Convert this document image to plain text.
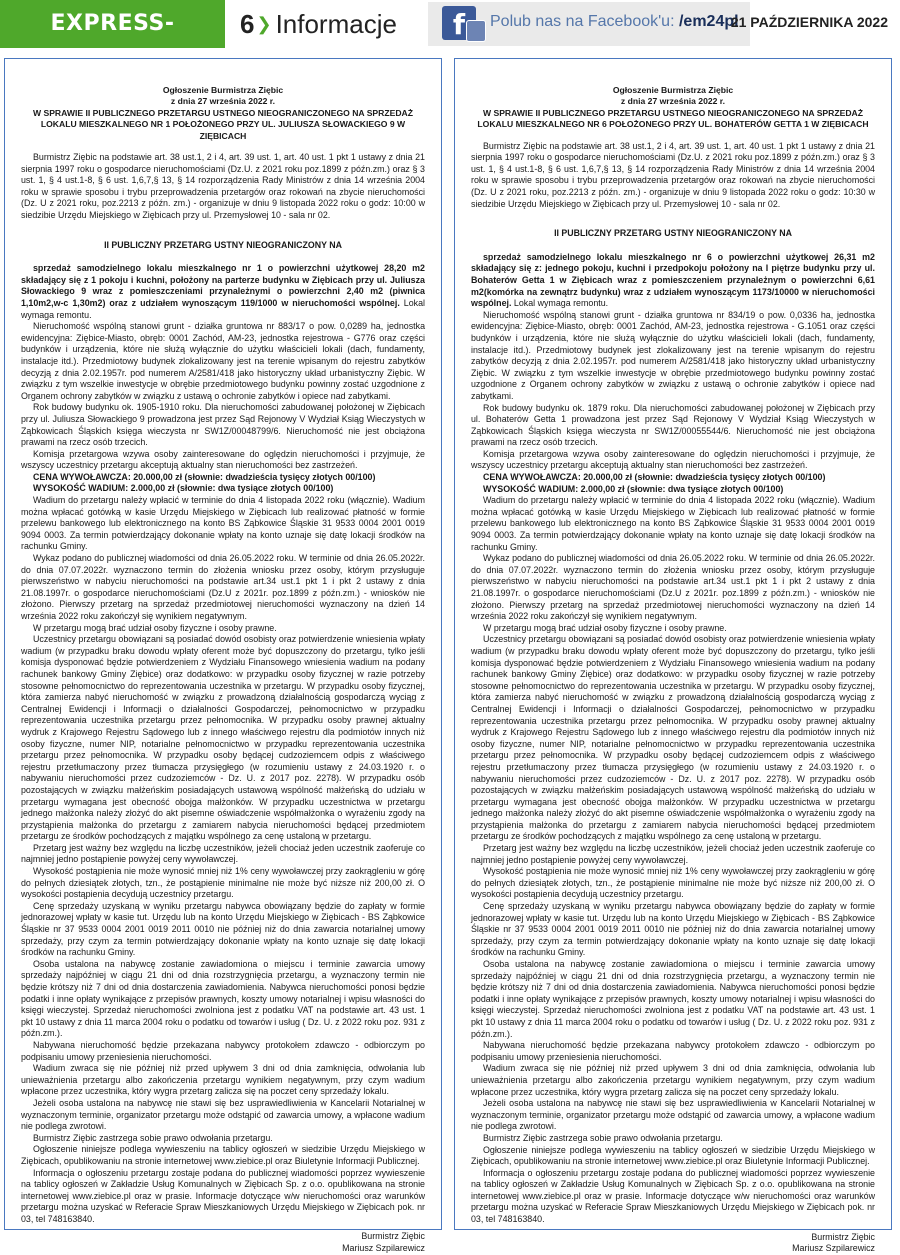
EXPRESS-MIEJSKI.PL
6 ❯ Informacje	f	Polub nas na Facebook'u: /em24pl
21 PAŹDZIERNIKA 2022
Ogłoszenie Burmistrza Ziębic
z dnia 27 września 2022 r.
W SPRAWIE II PUBLICZNEGO PRZETARGU USTNEGO NIEOGRANICZONEGO NA SPRZEDAŻ
LOKALU MIESZKALNEGO NR 1 POŁOŻONEGO PRZY UL. JULIUSZA SŁOWACKIEGO 9 W ZIĘBICACH

Burmistrz Ziębic na podstawie art. 38 ust.1, 2 i 4, art. 39 ust. 1, art. 40 ust. 1 pkt 1 ustawy z dnia 21 sierpnia 1997 roku o gospodarce nieruchomościami (Dz.U. z 2021 roku poz.1899 z późn.zm.) oraz § 3 ust. 1, § 4 ust.1-8, § 6 ust. 1,6,7,§ 13, § 14 rozporządzenia Rady Ministrów z dnia 14 września 2004 roku w sprawie sposobu i trybu przeprowadzenia przetargów oraz rokowań na zbycie nieruchomości (Dz. U z 2021 roku, poz.2213 z późn. zm.) - organizuje w dniu 9 listopada 2022 roku o godz: 10:00 w siedzibie Urzędu Miejskiego w Ziębicach przy ul. Przemysłowej 10 - sala nr 02.

II PUBLICZNY PRZETARG USTNY NIEOGRANICZONY NA

sprzedaż samodzielnego lokalu mieszkalnego nr 1 o powierzchni użytkowej 28,20 m2 składający się z 1 pokoju i kuchni, położony na parterze budynku w Ziębicach przy ul. Juliusza Słowackiego 9 wraz z pomieszczeniami przynależnymi o powierzchni 2,40 m2 (piwnica 1,10m2,w-c 1,30m2) oraz z udziałem wynoszącym 119/1000 w nieruchomości wspólnej. Lokal wymaga remontu.

Nieruchomość wspólną stanowi grunt - działka gruntowa nr 883/17 o pow. 0,0289 ha, jednostka ewidencyjna: Ziębice-Miasto, obręb: 0001 Zachód, AM-23, jednostka rejestrowa - G776 oraz części budynków i urządzenia, które nie służą wyłącznie do użytku właścicieli lokali (dach, fundamenty, instalacje itd.). Przedmiotowy budynek zlokalizowany jest na terenie wpisanym do rejestru zabytków decyzją z dnia 2.02.1957r. pod numerem A/2581/418 jako historyczny układ urbanistyczny Ziębic. W związku z tym wszelkie inwestycje w obrębie przedmiotowego budynku powinny zostać uzgodnione z Organem ochrony zabytków w związku z ustawą o ochronie zabytków i opiece nad zabytkami.

Rok budowy budynku ok. 1905-1910 roku. Dla nieruchomości zabudowanej położonej w Ziębicach przy ul. Juliusza Słowackiego 9 prowadzona jest przez Sąd Rejonowy V Wydział Ksiąg Wieczystych w Ząbkowicach Śląskich księga wieczysta nr SW1Z/00048799/6. Nieruchomość nie jest obciążona prawami na rzecz osób trzecich.

Komisja przetargowa wzywa osoby zainteresowane do oględzin nieruchomości i przyjmuje, że wszyscy uczestnicy przetargu akceptują aktualny stan nieruchomości bez zastrzeżeń.

CENA WYWOŁAWCZA: 20.000,00 zł (słownie: dwadzieścia tysięcy złotych 00/100)

WYSOKOŚĆ WADIUM: 2.000,00 zł (słownie: dwa tysiące złotych 00/100)

Wadium do przetargu należy wpłacić w terminie do dnia 4 listopada 2022 roku (włącznie). Wadium można wpłacać gotówką w kasie Urzędu Miejskiego w Ziębicach lub realizować płatność w formie przelewu bankowego lub elektronicznego na konto BS Ząbkowice Śląskie 31 9533 0004 2001 0019 9094 0003. Za termin potwierdzający dokonanie wpłaty na konto uznaje się datę lokacji środków na rachunku Gminy.

Wykaz podano do publicznej wiadomości od dnia 26.05.2022 roku. W terminie od dnia 26.05.2022r. do dnia 07.07.2022r. wyznaczono termin do złożenia wniosku przez osoby, którym przysługuje pierwszeństwo w nabyciu nieruchomości na podstawie art.34 ust.1 pkt 1 i pkt 2 ustawy z dnia 21.08.1997r. o gospodarce nieruchomościami (Dz.U z 2021r. poz.1899 z późn.zm.) - wniosków nie złożono. Pierwszy przetarg na sprzedaż przedmiotowej nieruchomości wyznaczony na dzień 14 września 2022 roku zakończył się wynikiem negatywnym.

W przetargu mogą brać udział osoby fizyczne i osoby prawne.

Uczestnicy przetargu obowiązani są posiadać dowód osobisty oraz potwierdzenie wniesienia wpłaty wadium (w przypadku braku dowodu wpłaty oferent może być dopuszczony do przetargu, tylko jeśli komisja dysponować będzie potwierdzeniem z Wydziału Finansowego wniesienia wadium na podany rachunek bankowy Gminy Ziębice) oraz dodatkowo: w przypadku osoby fizycznej w razie potrzeby stosowne pełnomocnictwo do reprezentowania uczestnika w przetargu. W przypadku osoby fizycznej, która zamierza nabyć nieruchomość w związku z prowadzoną działalnością gospodarczą wyciąg z Centralnej Ewidencji i Informacji o działalności Gospodarczej, pełnomocnictwo w przypadku reprezentowania uczestnika przetargu przez pełnomocnika. W przypadku osoby prawnej aktualny wydruk z Krajowego Rejestru Sądowego lub z innego właściwego rejestru dla podmiotów innych niż osoby fizyczne, numer NIP, notarialne pełnomocnictwo w przypadku reprezentowania uczestnika przetargu przez pełnomocnika. W przypadku osoby będącej cudzoziemcem odpis z właściwego rejestru przetłumaczony przez tłumacza przysięgłego (w rozumieniu ustawy z 24.03.1920 r. o nabywaniu nieruchomości przez cudzoziemców - Dz. U. z 2017 poz. 2278). W przypadku osób pozostających w związku małżeńskim posiadających ustawową wspólność małżeńską do udziału w przetargu wymagana jest obecność obojga małżonków. W przypadku uczestnictwa w przetargu jednego małżonka należy złożyć do akt pisemne oświadczenie współmałżonka o wyrażeniu zgody na przystąpienia małżonka do przetargu z zamiarem nabycia nieruchomości będącej przedmiotem przetargu ze środków pochodzących z majątku wspólnego za cenę ustaloną w przetargu.

Przetarg jest ważny bez względu na liczbę uczestników, jeżeli chociaż jeden uczestnik zaoferuje co najmniej jedno postąpienie powyżej ceny wywoławczej.

Wysokość postąpienia nie może wynosić mniej niż 1% ceny wywoławczej przy zaokrągleniu w górę do pełnych dziesiątek złotych, tzn., że postąpienie minimalne nie może być niższe niż 200,00 zł. O wysokości postąpienia decydują uczestnicy przetargu.

Cenę sprzedaży uzyskaną w wyniku przetargu nabywca obowiązany będzie do zapłaty w formie jednorazowej wpłaty w kasie tut. Urzędu lub na konto Urzędu Miejskiego w Ziębicach - BS Ząbkowice Śląskie nr 37 9533 0004 2001 0019 2011 0010 nie później niż do dnia zawarcia notarialnej umowy sprzedaży, przy czym za termin potwierdzający dokonanie wpłaty na konto uznaje się datę lokacji środków na rachunku Gminy.

Osoba ustalona na nabywcę zostanie zawiadomiona o miejscu i terminie zawarcia umowy sprzedaży najpóźniej w ciągu 21 dni od dnia rozstrzygnięcia przetargu, a wyznaczony termin nie będzie krótszy niż 7 dni od dnia dostarczenia zawiadomienia. Nabywca nieruchomości ponosi będzie podatki i inne opłaty wynikające z przepisów prawnych, koszty umowy notarialnej i wpisu własności do księgi wieczystej. Sprzedaż nieruchomości zwolniona jest z podatku VAT na podstawie art. 43 ust. 1 pkt 10 ustawy z dnia 11 marca 2004 roku o podatku od towarów i usług ( Dz. U. z 2022 roku poz. 931 z późn.zm.).

Nabywana nieruchomość będzie przekazana nabywcy protokołem zdawczo - odbiorczym po podpisaniu umowy przeniesienia nieruchomości.

Wadium zwraca się nie później niż przed upływem 3 dni od dnia zamknięcia, odwołania lub unieważnienia przetargu albo zakończenia przetargu wynikiem negatywnym, przy czym wadium wpłacone przez uczestnika, który wygra przetarg zalicza się na poczet ceny sprzedaży lokalu.

Jeżeli osoba ustalona na nabywcę nie stawi się bez usprawiedliwienia w Kancelarii Notarialnej w wyznaczonym terminie, organizator przetargu może odstąpić od zawarcia umowy, a wpłacone wadium nie podlega zwrotowi.

Burmistrz Ziębic zastrzega sobie prawo odwołania przetargu.

Ogłoszenie niniejsze podlega wywieszeniu na tablicy ogłoszeń w siedzibie Urzędu Miejskiego w Ziębicach, opublikowaniu na stronie internetowej www.ziebice.pl oraz Biuletynie Informacji Publicznej.

Informacja o ogłoszeniu przetargu zostaje podana do publicznej wiadomości poprzez wywieszenie na tablicy ogłoszeń w Zakładzie Usług Komunalnych w Ziębicach Sp. z o.o. opublikowana na stronie internetowej www.ziebice.pl oraz w prasie. Informacje dotyczące w/w nieruchomości oraz warunków przetargu można uzyskać w Referacie Spraw Mieszkaniowych Urzędu Miejskiego w Ziębicach pok. nr 03, tel 748163840.

Burmistrz Ziębic
Mariusz Szpilarewicz
Ogłoszenie Burmistrza Ziębic
z dnia 27 września 2022 r.
W SPRAWIE II PUBLICZNEGO PRZETARGU USTNEGO NIEOGRANICZONEGO NA SPRZEDAŻ
LOKALU MIESZKALNEGO NR 6 POŁOŻONEGO PRZY UL. BOHATERÓW GETTA 1 W ZIĘBICACH

Burmistrz Ziębic na podstawie art. 38 ust.1, 2 i 4, art. 39 ust. 1, art. 40 ust. 1 pkt 1 ustawy z dnia 21 sierpnia 1997 roku o gospodarce nieruchomościami (Dz.U. z 2021 roku poz.1899 z późn.zm.) oraz § 3 ust. 1, § 4 ust.1-8, § 6 ust. 1,6,7,§ 13, § 14 rozporządzenia Rady Ministrów z dnia 14 września 2004 roku w sprawie sposobu i trybu przeprowadzenia przetargów oraz rokowań na zbycie nieruchomości (Dz. U z 2021 roku, poz.2213 z późn. zm.) - organizuje w dniu 9 listopada 2022 roku o godz: 10:30 w siedzibie Urzędu Miejskiego w Ziębicach przy ul. Przemysłowej 10 - sala nr 02.

II PUBLICZNY PRZETARG USTNY NIEOGRANICZONY NA

sprzedaż samodzielnego lokalu mieszkalnego nr 6 o powierzchni użytkowej 26,31 m2 składający się z: jednego pokoju, kuchni i przedpokoju położony na I piętrze budynku przy ul. Bohaterów Getta 1 w Ziębicach wraz z pomieszczeniem przynależnym o powierzchni 6,61 m2(komórka na zewnątrz budynku) wraz z udziałem wynoszącym 1173/10000 w nieruchomości wspólnej. Lokal wymaga remontu.

Nieruchomość wspólną stanowi grunt - działka gruntowa nr 834/19 o pow. 0,0336 ha, jednostka ewidencyjna: Ziębice-Miasto, obręb: 0001 Zachód, AM-23, jednostka rejestrowa - G.1051 oraz części budynków i urządzenia, które nie służą wyłącznie do użytku właścicieli lokali (dach, fundamenty, instalacje itd.). Przedmiotowy budynek jest zlokalizowany jest na terenie wpisanym do rejestru zabytków decyzją z dnia 2.02.1957r. pod numerem A/2581/418 jako historyczny układ urbanistyczny Ziębic. W związku z tym wszelkie inwestycje w obrębie przedmiotowego budynku powinny zostać uzgodnione z Organem ochrony zabytków w związku z ustawą o ochronie zabytków i opiece nad zabytkami.

Rok budowy budynku ok. 1879 roku. Dla nieruchomości zabudowanej położonej w Ziębicach przy ul. Bohaterów Getta 1 prowadzona jest przez Sąd Rejonowy V Wydział Ksiąg Wieczystych w Ząbkowicach Śląskich księga wieczysta nr SW1Z/00055544/6. Nieruchomość nie jest obciążona prawami na rzecz osób trzecich.

Komisja przetargowa wzywa osoby zainteresowane do oględzin nieruchomości i przyjmuje, że wszyscy uczestnicy przetargu akceptują aktualny stan nieruchomości bez zastrzeżeń.

CENA WYWOŁAWCZA: 20.000,00 zł (słownie: dwadzieścia tysięcy złotych 00/100)

WYSOKOŚĆ WADIUM: 2.000,00 zł (słownie: dwa tysiące złotych 00/100)

Wadium do przetargu należy wpłacić w terminie do dnia 4 listopada 2022 roku (włącznie). Wadium można wpłacać gotówką w kasie Urzędu Miejskiego w Ziębicach lub realizować płatność w formie przelewu bankowego lub elektronicznego na konto BS Ząbkowice Śląskie 31 9533 0004 2001 0019 9094 0003. Za termin potwierdzający dokonanie wpłaty na konto uznaje się datę lokacji środków na rachunku Gminy.

Wykaz podano do publicznej wiadomości od dnia 26.05.2022 roku. W terminie od dnia 26.05.2022r. do dnia 07.07.2022r. wyznaczono termin do złożenia wniosku przez osoby, którym przysługuje pierwszeństwo w nabyciu nieruchomości na podstawie art.34 ust.1 pkt 1 i pkt 2 ustawy z dnia 21.08.1997r. o gospodarce nieruchomościami (Dz.U z 2021r. poz.1899 z późn.zm.) - wniosków nie złożono. Pierwszy przetarg na sprzedaż przedmiotowej nieruchomości wyznaczony na dzień 14 września 2022 roku zakończył się wynikiem negatywnym.

W przetargu mogą brać udział osoby fizyczne i osoby prawne.

Uczestnicy przetargu obowiązani są posiadać dowód osobisty oraz potwierdzenie wniesienia wpłaty wadium (w przypadku braku dowodu wpłaty oferent może być dopuszczony do przetargu, tylko jeśli komisja dysponować będzie potwierdzeniem z Wydziału Finansowego wniesienia wadium na podany rachunek bankowy Gminy Ziębice) oraz dodatkowo: w przypadku osoby fizycznej w razie potrzeby stosowne pełnomocnictwo do reprezentowania uczestnika w przetargu. W przypadku osoby fizycznej, która zamierza nabyć nieruchomość w związku z prowadzoną działalnością gospodarczą wyciąg z Centralnej Ewidencji i Informacji o działalności Gospodarczej, pełnomocnictwo w przypadku reprezentowania uczestnika przetargu przez pełnomocnika. W przypadku osoby prawnej aktualny wydruk z Krajowego Rejestru Sądowego lub z innego właściwego rejestru dla podmiotów innych niż osoby fizyczne, numer NIP, notarialne pełnomocnictwo w przypadku reprezentowania uczestnika przetargu przez pełnomocnika. W przypadku osoby będącej cudzoziemcem odpis z właściwego rejestru przetłumaczony przez tłumacza przysięgłego (w rozumieniu ustawy z 24.03.1920 r. o nabywaniu nieruchomości przez cudzoziemców - Dz. U. z 2017 poz. 2278). W przypadku osób pozostających w związku małżeńskim posiadających ustawową wspólność małżeńską do udziału w przetargu wymagana jest obecność obojga małżonków. W przypadku uczestnictwa w przetargu jednego małżonka należy złożyć do akt pisemne oświadczenie współmałżonka o wyrażeniu zgody na przystąpienia małżonka do przetargu z zamiarem nabycia nieruchomości będącej przedmiotem przetargu ze środków pochodzących z majątku wspólnego za cenę ustaloną w przetargu.

Przetarg jest ważny bez względu na liczbę uczestników, jeżeli chociaż jeden uczestnik zaoferuje co najmniej jedno postąpienie powyżej ceny wywoławczej.

Wysokość postąpienia nie może wynosić mniej niż 1% ceny wywoławczej przy zaokrągleniu w górę do pełnych dziesiątek złotych, tzn., że postąpienie minimalne nie może być niższe niż 200,00 zł. O wysokości postąpienia decydują uczestnicy przetargu.

Cenę sprzedaży uzyskaną w wyniku przetargu nabywca obowiązany będzie do zapłaty w formie jednorazowej wpłaty w kasie tut. Urzędu lub na konto Urzędu Miejskiego w Ziębicach - BS Ząbkowice Śląskie nr 37 9533 0004 2001 0019 2011 0010 nie później niż do dnia zawarcia notarialnej umowy sprzedaży, przy czym za termin potwierdzający dokonanie wpłaty na konto uznaje się datę lokacji środków na rachunku Gminy.

Osoba ustalona na nabywcę zostanie zawiadomiona o miejscu i terminie zawarcia umowy sprzedaży najpóźniej w ciągu 21 dni od dnia rozstrzygnięcia przetargu, a wyznaczony termin nie będzie krótszy niż 7 dni od dnia dostarczenia zawiadomienia. Nabywca nieruchomości ponosi będzie podatki i inne opłaty wynikające z przepisów prawnych, koszty umowy notarialnej i wpisu własności do księgi wieczystej. Sprzedaż nieruchomości zwolniona jest z podatku VAT na podstawie art. 43 ust. 1 pkt 10 ustawy z dnia 11 marca 2004 roku o podatku od towarów i usług ( Dz. U. z 2022 roku poz. 931 z późn.zm.).

Nabywana nieruchomość będzie przekazana nabywcy protokołem zdawczo - odbiorczym po podpisaniu umowy przeniesienia nieruchomości.

Wadium zwraca się nie później niż przed upływem 3 dni od dnia zamknięcia, odwołania lub unieważnienia przetargu albo zakończenia przetargu wynikiem negatywnym, przy czym wadium wpłacone przez uczestnika, który wygra przetarg zalicza się na poczet ceny sprzedaży lokalu.

Jeżeli osoba ustalona na nabywcę nie stawi się bez usprawiedliwienia w Kancelarii Notarialnej w wyznaczonym terminie, organizator przetargu może odstąpić od zawarcia umowy, a wpłacone wadium nie podlega zwrotowi.

Burmistrz Ziębic zastrzega sobie prawo odwołania przetargu.

Ogłoszenie niniejsze podlega wywieszeniu na tablicy ogłoszeń w siedzibie Urzędu Miejskiego w Ziębicach, opublikowaniu na stronie internetowej www.ziebice.pl oraz Biuletynie Informacji Publicznej.

Informacja o ogłoszeniu przetargu zostaje podana do publicznej wiadomości poprzez wywieszenie na tablicy ogłoszeń w Zakładzie Usług Komunalnych w Ziębicach Sp. z o.o. opublikowana na stronie internetowej www.ziebice.pl oraz w prasie. Informacje dotyczące w/w nieruchomości oraz warunków przetargu można uzyskać w Referacie Spraw Mieszkaniowych Urzędu Miejskiego w Ziębicach pok. nr 03, tel 748163840.

Burmistrz Ziębic
Mariusz Szpilarewicz
